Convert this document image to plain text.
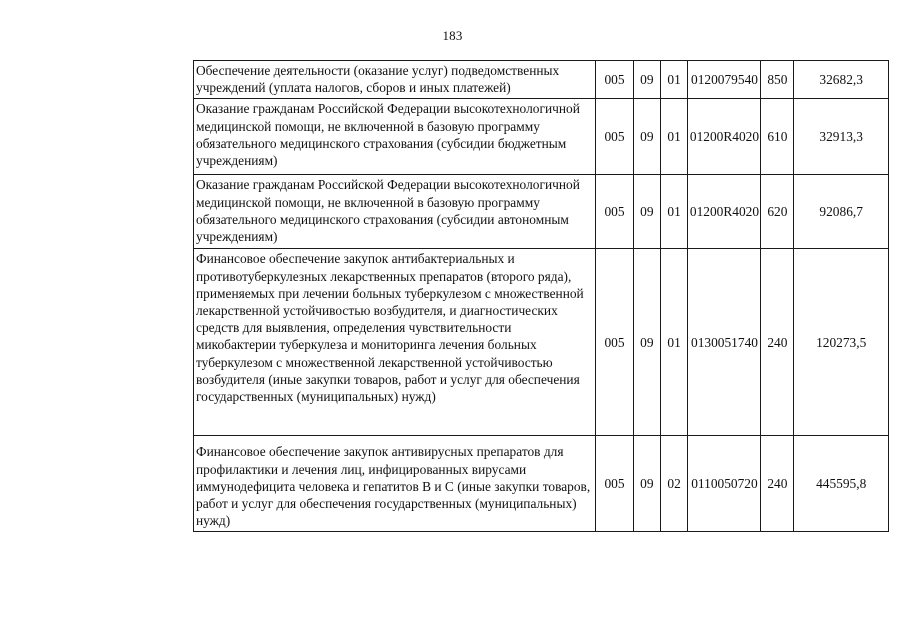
183
Обеспечение деятельности (оказание услуг) подведомственных учреждений (уплата налогов, сборов и иных платежей)	005	09	01	0120079540	850	32682,3
Оказание гражданам Российской Федерации высокотехнологичной медицинской помощи, не включенной в базовую программу обязательного медицинского страхования (субсидии бюджетным учреждениям)	005	09	01	01200R4020	610	32913,3
Оказание гражданам Российской Федерации высокотехнологичной медицинской помощи, не включенной в базовую программу обязательного медицинского страхования (субсидии автономным учреждениям)	005	09	01	01200R4020	620	92086,7
Финансовое обеспечение закупок антибактериальных и противотуберкулезных лекарственных препаратов (второго ряда), применяемых при лечении больных туберкулезом с множественной лекарственной устойчивостью возбудителя, и диагностических средств для выявления, определения чувствительности микобактерии туберкулеза и мониторинга лечения больных туберкулезом с множественной лекарственной устойчивостью возбудителя (иные закупки товаров, работ и услуг для обеспечения государственных (муниципальных) нужд)	005	09	01	0130051740	240	120273,5
Финансовое обеспечение закупок антивирусных препаратов для профилактики и лечения лиц, инфицированных вирусами иммунодефицита человека и гепатитов B и C (иные закупки товаров, работ и услуг для обеспечения государственных (муниципальных) нужд)	005	09	02	0110050720	240	445595,8
